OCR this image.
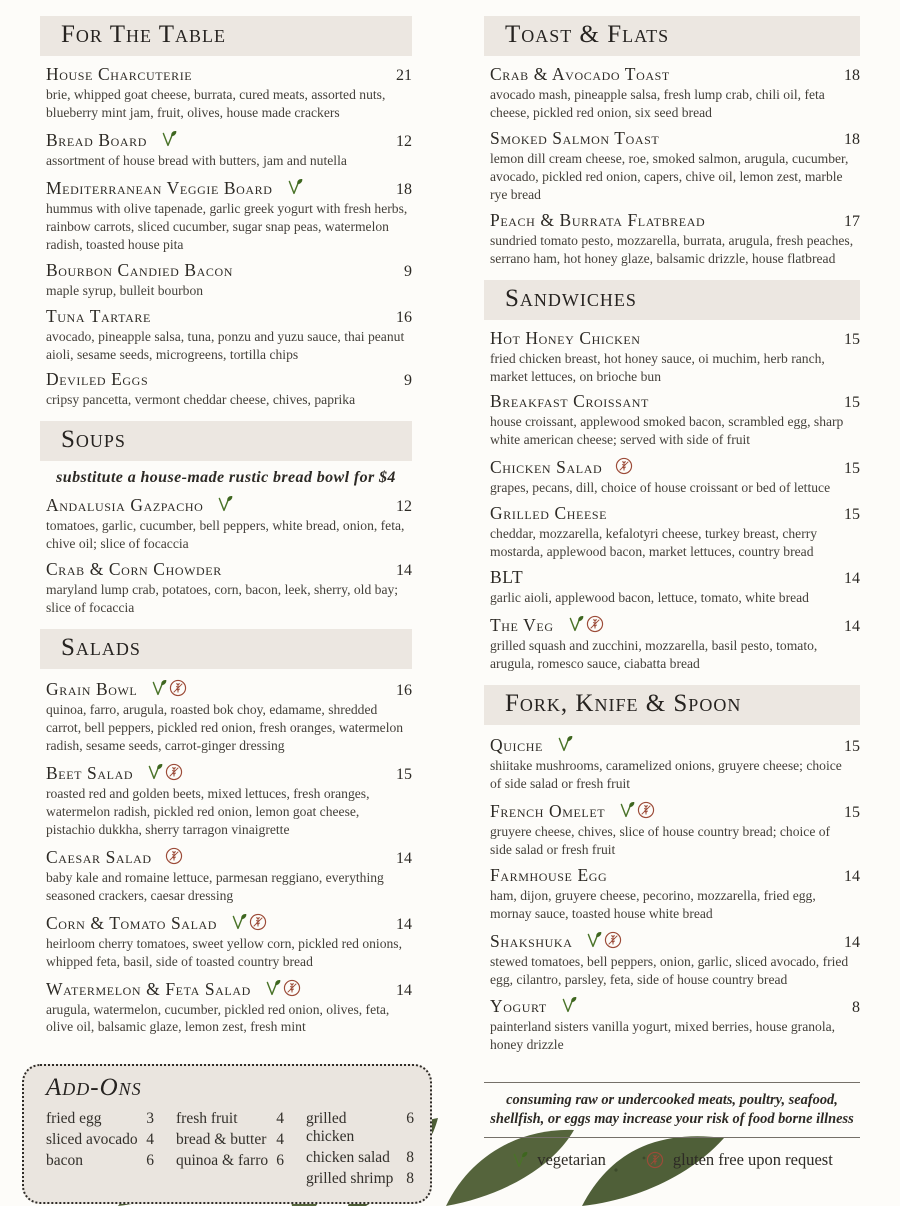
For The Table
House Charcuterie	21
brie, whipped goat cheese, burrata, cured meats, assorted nuts, blueberry mint jam, fruit, olives, house made crackers
Bread Board	12
assortment of house bread with butters, jam and nutella
Mediterranean Veggie Board	18
hummus with olive tapenade, garlic greek yogurt with fresh herbs, rainbow carrots, sliced cucumber, sugar snap peas, watermelon radish, toasted house pita
Bourbon Candied Bacon	9
maple syrup, bulleit bourbon
Tuna Tartare	16
avocado, pineapple salsa, tuna, ponzu and yuzu sauce, thai peanut aioli, sesame seeds, microgreens, tortilla chips
Deviled Eggs	9
cripsy pancetta, vermont cheddar cheese, chives, paprika
Soups
substitute a house-made rustic bread bowl for $4
Andalusia Gazpacho	12
tomatoes, garlic, cucumber, bell peppers, white bread, onion, feta, chive oil; slice of focaccia
Crab & Corn Chowder	14
maryland lump crab, potatoes, corn, bacon, leek, sherry, old bay; slice of focaccia
Salads
Grain Bowl	16
quinoa, farro, arugula, roasted bok choy, edamame, shredded carrot, bell peppers, pickled red onion, fresh oranges, watermelon radish, sesame seeds, carrot-ginger dressing
Beet Salad	15
roasted red and golden beets, mixed lettuces, fresh oranges, watermelon radish, pickled red onion, lemon goat cheese, pistachio dukkha, sherry tarragon vinaigrette
Caesar Salad	14
baby kale and romaine lettuce, parmesan reggiano, everything seasoned crackers, caesar dressing
Corn & Tomato Salad	14
heirloom cherry tomatoes, sweet yellow corn, pickled red onions, whipped feta, basil, side of toasted country bread
Watermelon & Feta Salad	14
arugula, watermelon, cucumber, pickled red onion, olives, feta, olive oil, balsamic glaze, lemon zest, fresh mint
Add-Ons
fried egg	3
sliced avocado 4
bacon	6
fresh fruit	4
bread & butter 4
quinoa & farro 6
grilled chicken
6
chicken salad	8
grilled shrimp 8
Toast & Flats
Crab & Avocado Toast	18
avocado mash, pineapple salsa, fresh lump crab, chili oil, feta cheese, pickled red onion, six seed bread
Smoked Salmon Toast	18
lemon dill cream cheese, roe, smoked salmon, arugula, cucumber, avocado, pickled red onion, capers, chive oil, lemon zest, marble rye bread
Peach & Burrata Flatbread	17
sundried tomato pesto, mozzarella, burrata, arugula, fresh peaches, serrano ham, hot honey glaze, balsamic drizzle, house flatbread
Sandwiches
Hot Honey Chicken	15
fried chicken breast, hot honey sauce, oi muchim, herb ranch, market lettuces, on brioche bun
Breakfast Croissant	15
house croissant, applewood smoked bacon, scrambled egg, sharp white american cheese; served with side of fruit
Chicken Salad	15
grapes, pecans, dill, choice of house croissant or bed of lettuce
Grilled Cheese	15
cheddar, mozzarella, kefalotyri cheese, turkey breast, cherry mostarda, applewood bacon, market lettuces, country bread
BLT	14
garlic aioli, applewood bacon, lettuce, tomato, white bread
The Veg	14
grilled squash and zucchini, mozzarella, basil pesto, tomato, arugula, romesco sauce, ciabatta bread
Fork, Knife & Spoon
Quiche	15
shiitake mushrooms, caramelized onions, gruyere cheese; choice of side salad or fresh fruit
French Omelet	15
gruyere cheese, chives, slice of house country bread; choice of side salad or fresh fruit
Farmhouse Egg	14
ham, dijon, gruyere cheese, pecorino, mozzarella, fried egg, mornay sauce, toasted house white bread
Shakshuka	14
stewed tomatoes, bell peppers, onion, garlic, sliced avocado, fried egg, cilantro, parsley, feta, side of house country bread
Yogurt	8
painterland sisters vanilla yogurt, mixed berries, house granola, honey drizzle
consuming raw or undercooked meats, poultry, seafood, shellfish, or eggs may increase your risk of food borne illness
vegetarian	gluten free upon request
